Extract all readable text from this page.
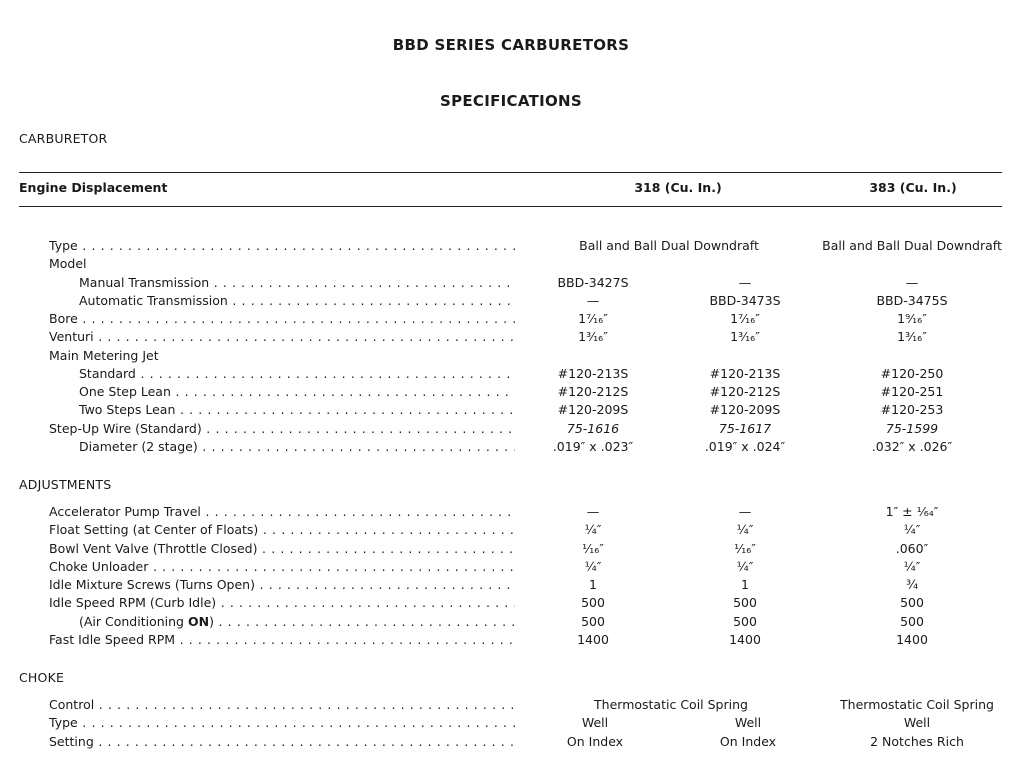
BBD SERIES CARBURETORS
SPECIFICATIONS
CARBURETOR
Engine Displacement	318 (Cu. In.)	383 (Cu. In.)
Type . . .	Ball and Ball Dual Downdraft	Ball and Ball Dual Downdraft
Model
Manual Transmission . . .	BBD-3427S	—	—
Automatic Transmission . . .	—	BBD-3473S	BBD-3475S
Bore . . .	1⁷⁄₁₆″	1⁷⁄₁₆″	1⁹⁄₁₆″
Venturi . . .	1³⁄₁₆″	1³⁄₁₆″	1³⁄₁₆″
Main Metering Jet
Standard . . .	#120-213S	#120-213S	#120-250
One Step Lean . . .	#120-212S	#120-212S	#120-251
Two Steps Lean . . .	#120-209S	#120-209S	#120-253
Step-Up Wire (Standard) . . .	75-1616	75-1617	75-1599
Diameter (2 stage) . . .	.019″ x .023″	.019″ x .024″	.032″ x .026″
ADJUSTMENTS
Accelerator Pump Travel . . .	—	—	1″ ± ¹⁄₆₄″
Float Setting (at Center of Floats) . . .	¼″	¼″	¼″
Bowl Vent Valve (Throttle Closed) . . .	¹⁄₁₆″	¹⁄₁₆″	.060″
Choke Unloader . . .	¼″	¼″	¼″
Idle Mixture Screws (Turns Open) . . .	1	1	¾
Idle Speed RPM (Curb Idle) . . .	500	500	500
(Air Conditioning ON) . . .	500	500	500
Fast Idle Speed RPM . . .	1400	1400	1400
CHOKE
Control . . .	Thermostatic Coil Spring	Thermostatic Coil Spring
Type . . .	Well	Well	Well
Setting . . .	On Index	On Index	2 Notches Rich
